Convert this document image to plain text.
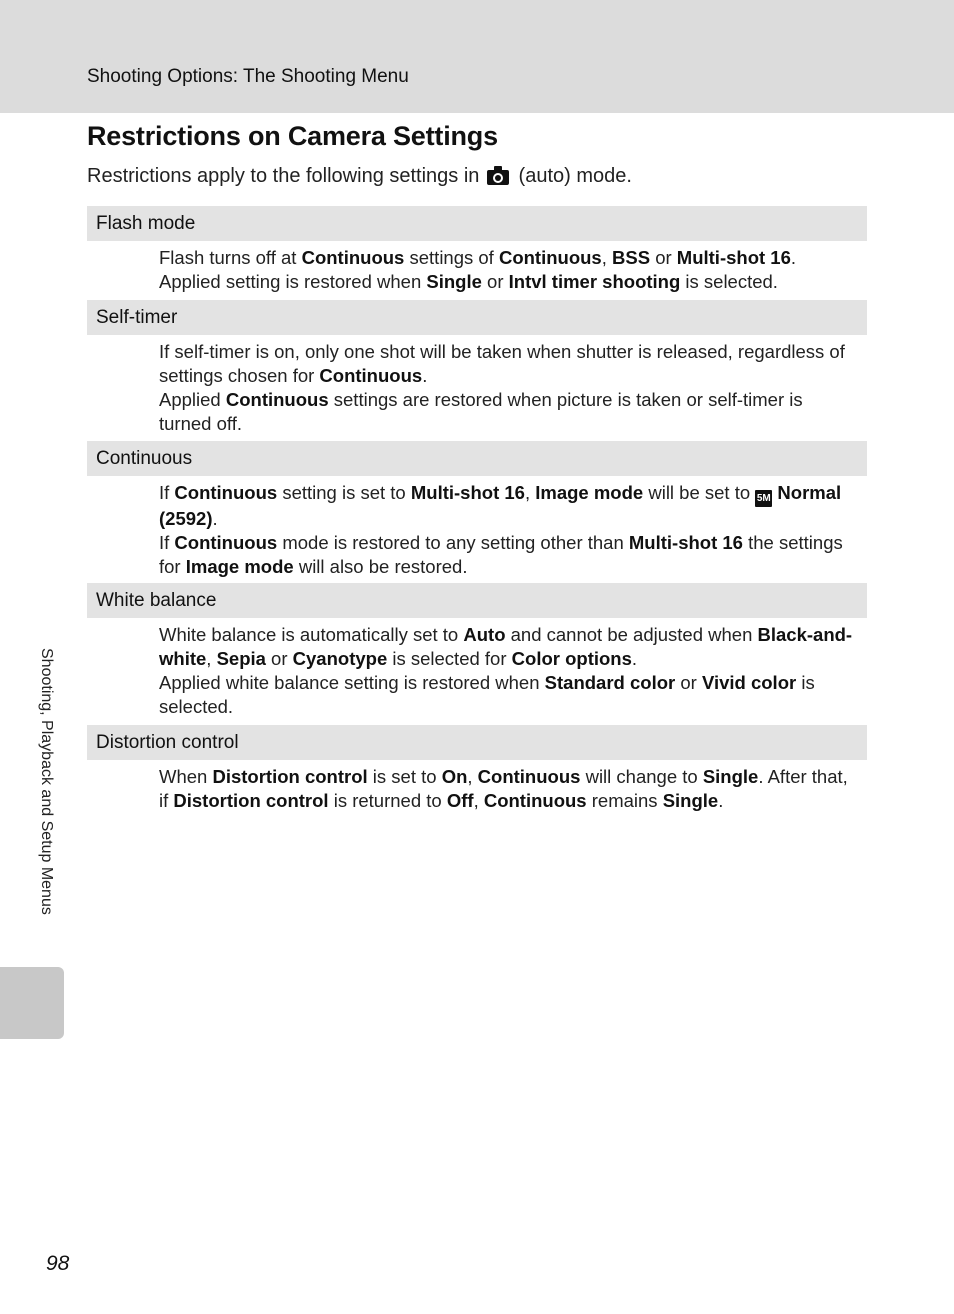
Shooting Options: The Shooting Menu
Restrictions on Camera Settings
Restrictions apply to the following settings in
(auto) mode.
Flash mode

Flash turns off at Continuous settings of Continuous, BSS or Multi-shot 16.

Applied setting is restored when Single or Intvl timer shooting is selected.

Self-timer

If self-timer is on, only one shot will be taken when shutter is released, regardless of settings chosen for Continuous.

Applied Continuous settings are restored when picture is taken or self-timer is turned off.

Continuous

If Continuous setting is set to Multi-shot 16, Image mode will be set to 5M Normal (2592).

If Continuous mode is restored to any setting other than Multi-shot 16 the settings for Image mode will also be restored.

White balance

White balance is automatically set to Auto and cannot be adjusted when Black-and-white, Sepia or Cyanotype is selected for Color options.

Applied white balance setting is restored when Standard color or Vivid color is selected.

Distortion control

When Distortion control is set to On, Continuous will change to Single. After that, if Distortion control is returned to Off, Continuous remains Single.

Shooting, Playback and Setup Menus
98
